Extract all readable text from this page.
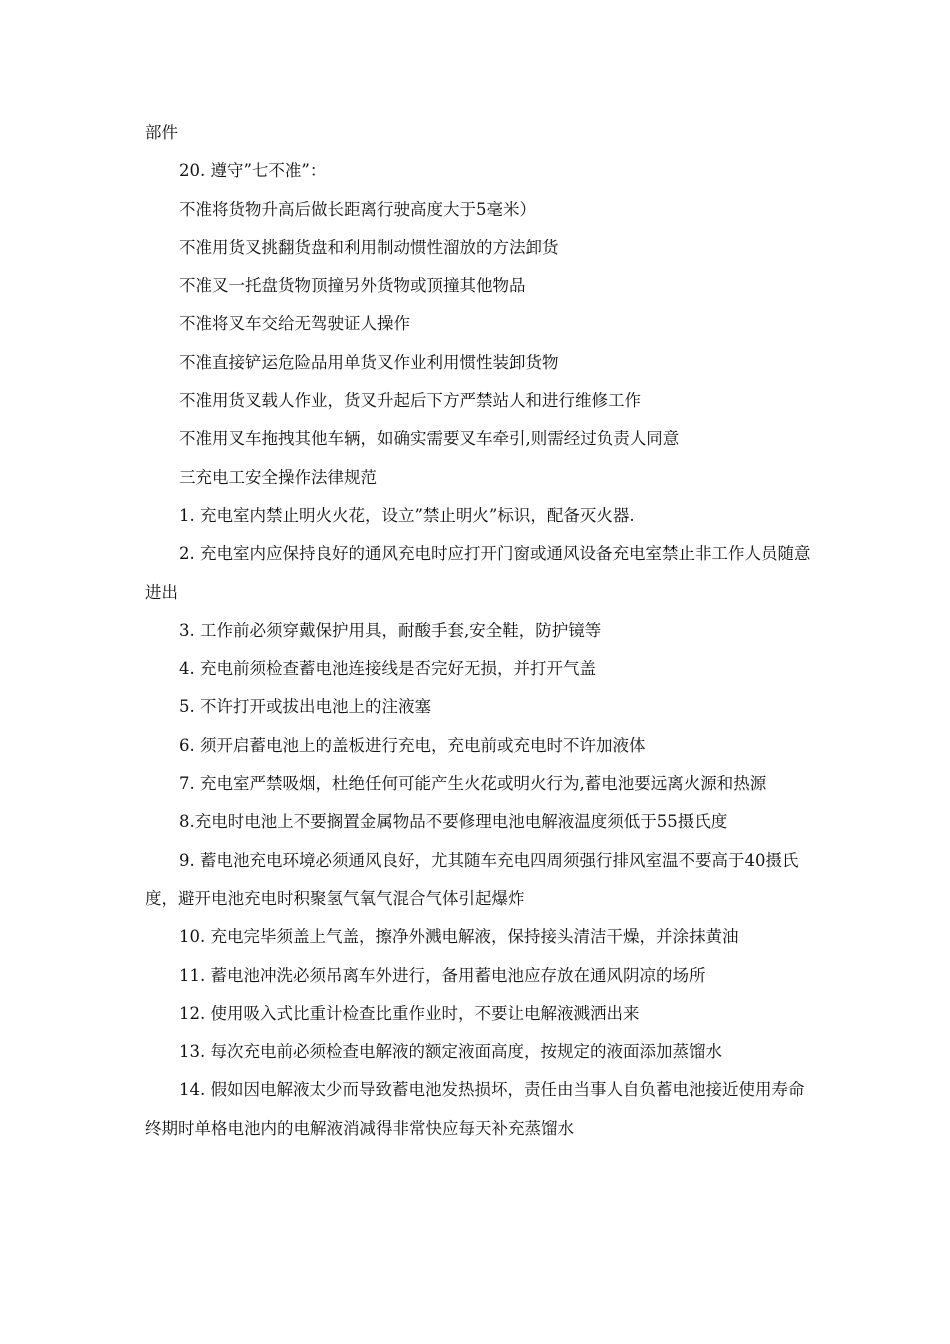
部件

20. 遵守”七不准”：

不准将货物升高后做长距离行驶高度大于5毫米）

不准用货叉挑翻货盘和利用制动惯性溜放的方法卸货

不准叉一托盘货物顶撞另外货物或顶撞其他物品

不准将叉车交给无驾驶证人操作

不准直接铲运危险品用单货叉作业利用惯性装卸货物

不准用货叉载人作业，货叉升起后下方严禁站人和进行维修工作

不准用叉车拖拽其他车辆，如确实需要叉车牵引,则需经过负责人同意

三充电工安全操作法律规范

1. 充电室内禁止明火火花，设立”禁止明火”标识，配备灭火器.

2. 充电室内应保持良好的通风充电时应打开门窗或通风设备充电室禁止非工作人员随意进出

3. 工作前必须穿戴保护用具，耐酸手套,安全鞋，防护镜等

4. 充电前须检查蓄电池连接线是否完好无损，并打开气盖

5. 不许打开或拔出电池上的注液塞

6. 须开启蓄电池上的盖板进行充电，充电前或充电时不许加液体

7. 充电室严禁吸烟，杜绝任何可能产生火花或明火行为,蓄电池要远离火源和热源

8.充电时电池上不要搁置金属物品不要修理电池电解液温度须低于55摄氏度

9. 蓄电池充电环境必须通风良好，尤其随车充电四周须强行排风室温不要高于40摄氏度，避开电池充电时积聚氢气氧气混合气体引起爆炸

10. 充电完毕须盖上气盖，擦净外溅电解液，保持接头清洁干燥，并涂抹黄油

11. 蓄电池冲洗必须吊离车外进行，备用蓄电池应存放在通风阴凉的场所

12. 使用吸入式比重计检查比重作业时，不要让电解液溅洒出来

13. 每次充电前必须检查电解液的额定液面高度，按规定的液面添加蒸馏水

14. 假如因电解液太少而导致蓄电池发热损坏，责任由当事人自负蓄电池接近使用寿命终期时单格电池内的电解液消减得非常快应每天补充蒸馏水
